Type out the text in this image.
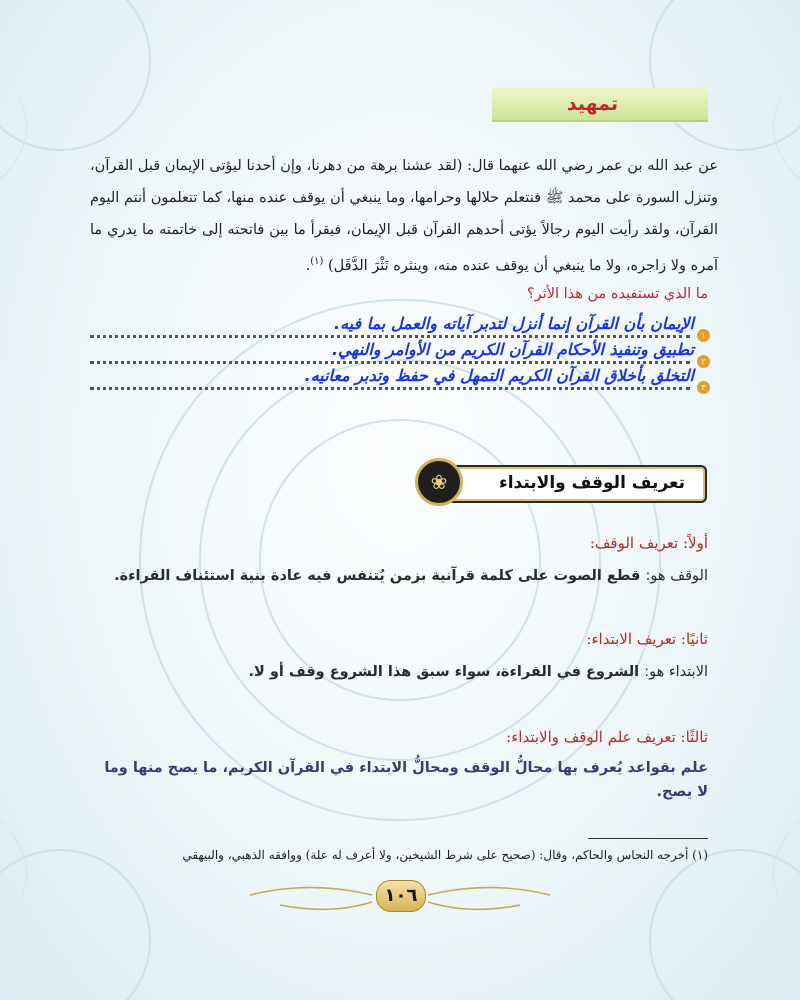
تمهيد
عن عبد الله بن عمر رضي الله عنهما قال: (لقد عشنا برهة من دهرنا، وإن أحدنا ليؤتى الإيمان قبل القرآن، وتنزل السورة على محمد ﷺ فنتعلم حلالها وحرامها، وما ينبغي أن يوقف عنده منها، كما تتعلمون أنتم اليوم القرآن، ولقد رأيت اليوم رجالاً يؤتى أحدهم القرآن قبل الإيمان، فيقرأ ما بين فاتحته إلى خاتمته ما يدري ما آمره ولا زاجره، ولا ما ينبغي أن يوقف عنده منه، وينثره نَثْرَ الدَّقَل) $^{(١)}$.
ما الذي تستفيده من هذا الأثر؟
١
الإيمان بأن القرآن إنما أنزل لتدبر آياته والعمل بما فيه.
٢
تطبيق وتنفيذ الأحكام القرآن الكريم من الأوامر والنهي.
٣
التخلق بأخلاق القرآن الكريم التمهل في حفظ وتدبر معانيه.
تعريف الوقف والابتداء
❀
أولاً: تعريف الوقف:
الوقف هو: قطع الصوت على كلمة قرآنية بزمن يُتنفس فيه عادة بنية استئناف القراءة.
ثانيًا: تعريف الابتداء:
الابتداء هو: الشروع في القراءة، سواء سبق هذا الشروع وقف أو لا.
ثالثًا: تعريف علم الوقف والابتداء:
علم بقواعد يُعرف بها محالُّ الوقف ومحالُّ الابتداء في القرآن الكريم، ما يصح منها وما لا يصح.
(١) أخرجه النحاس والحاكم، وقال: (صحيح على شرط الشيخين، ولا أعرف له علة) ووافقه الذهبي، والبيهقي
١٠٦
